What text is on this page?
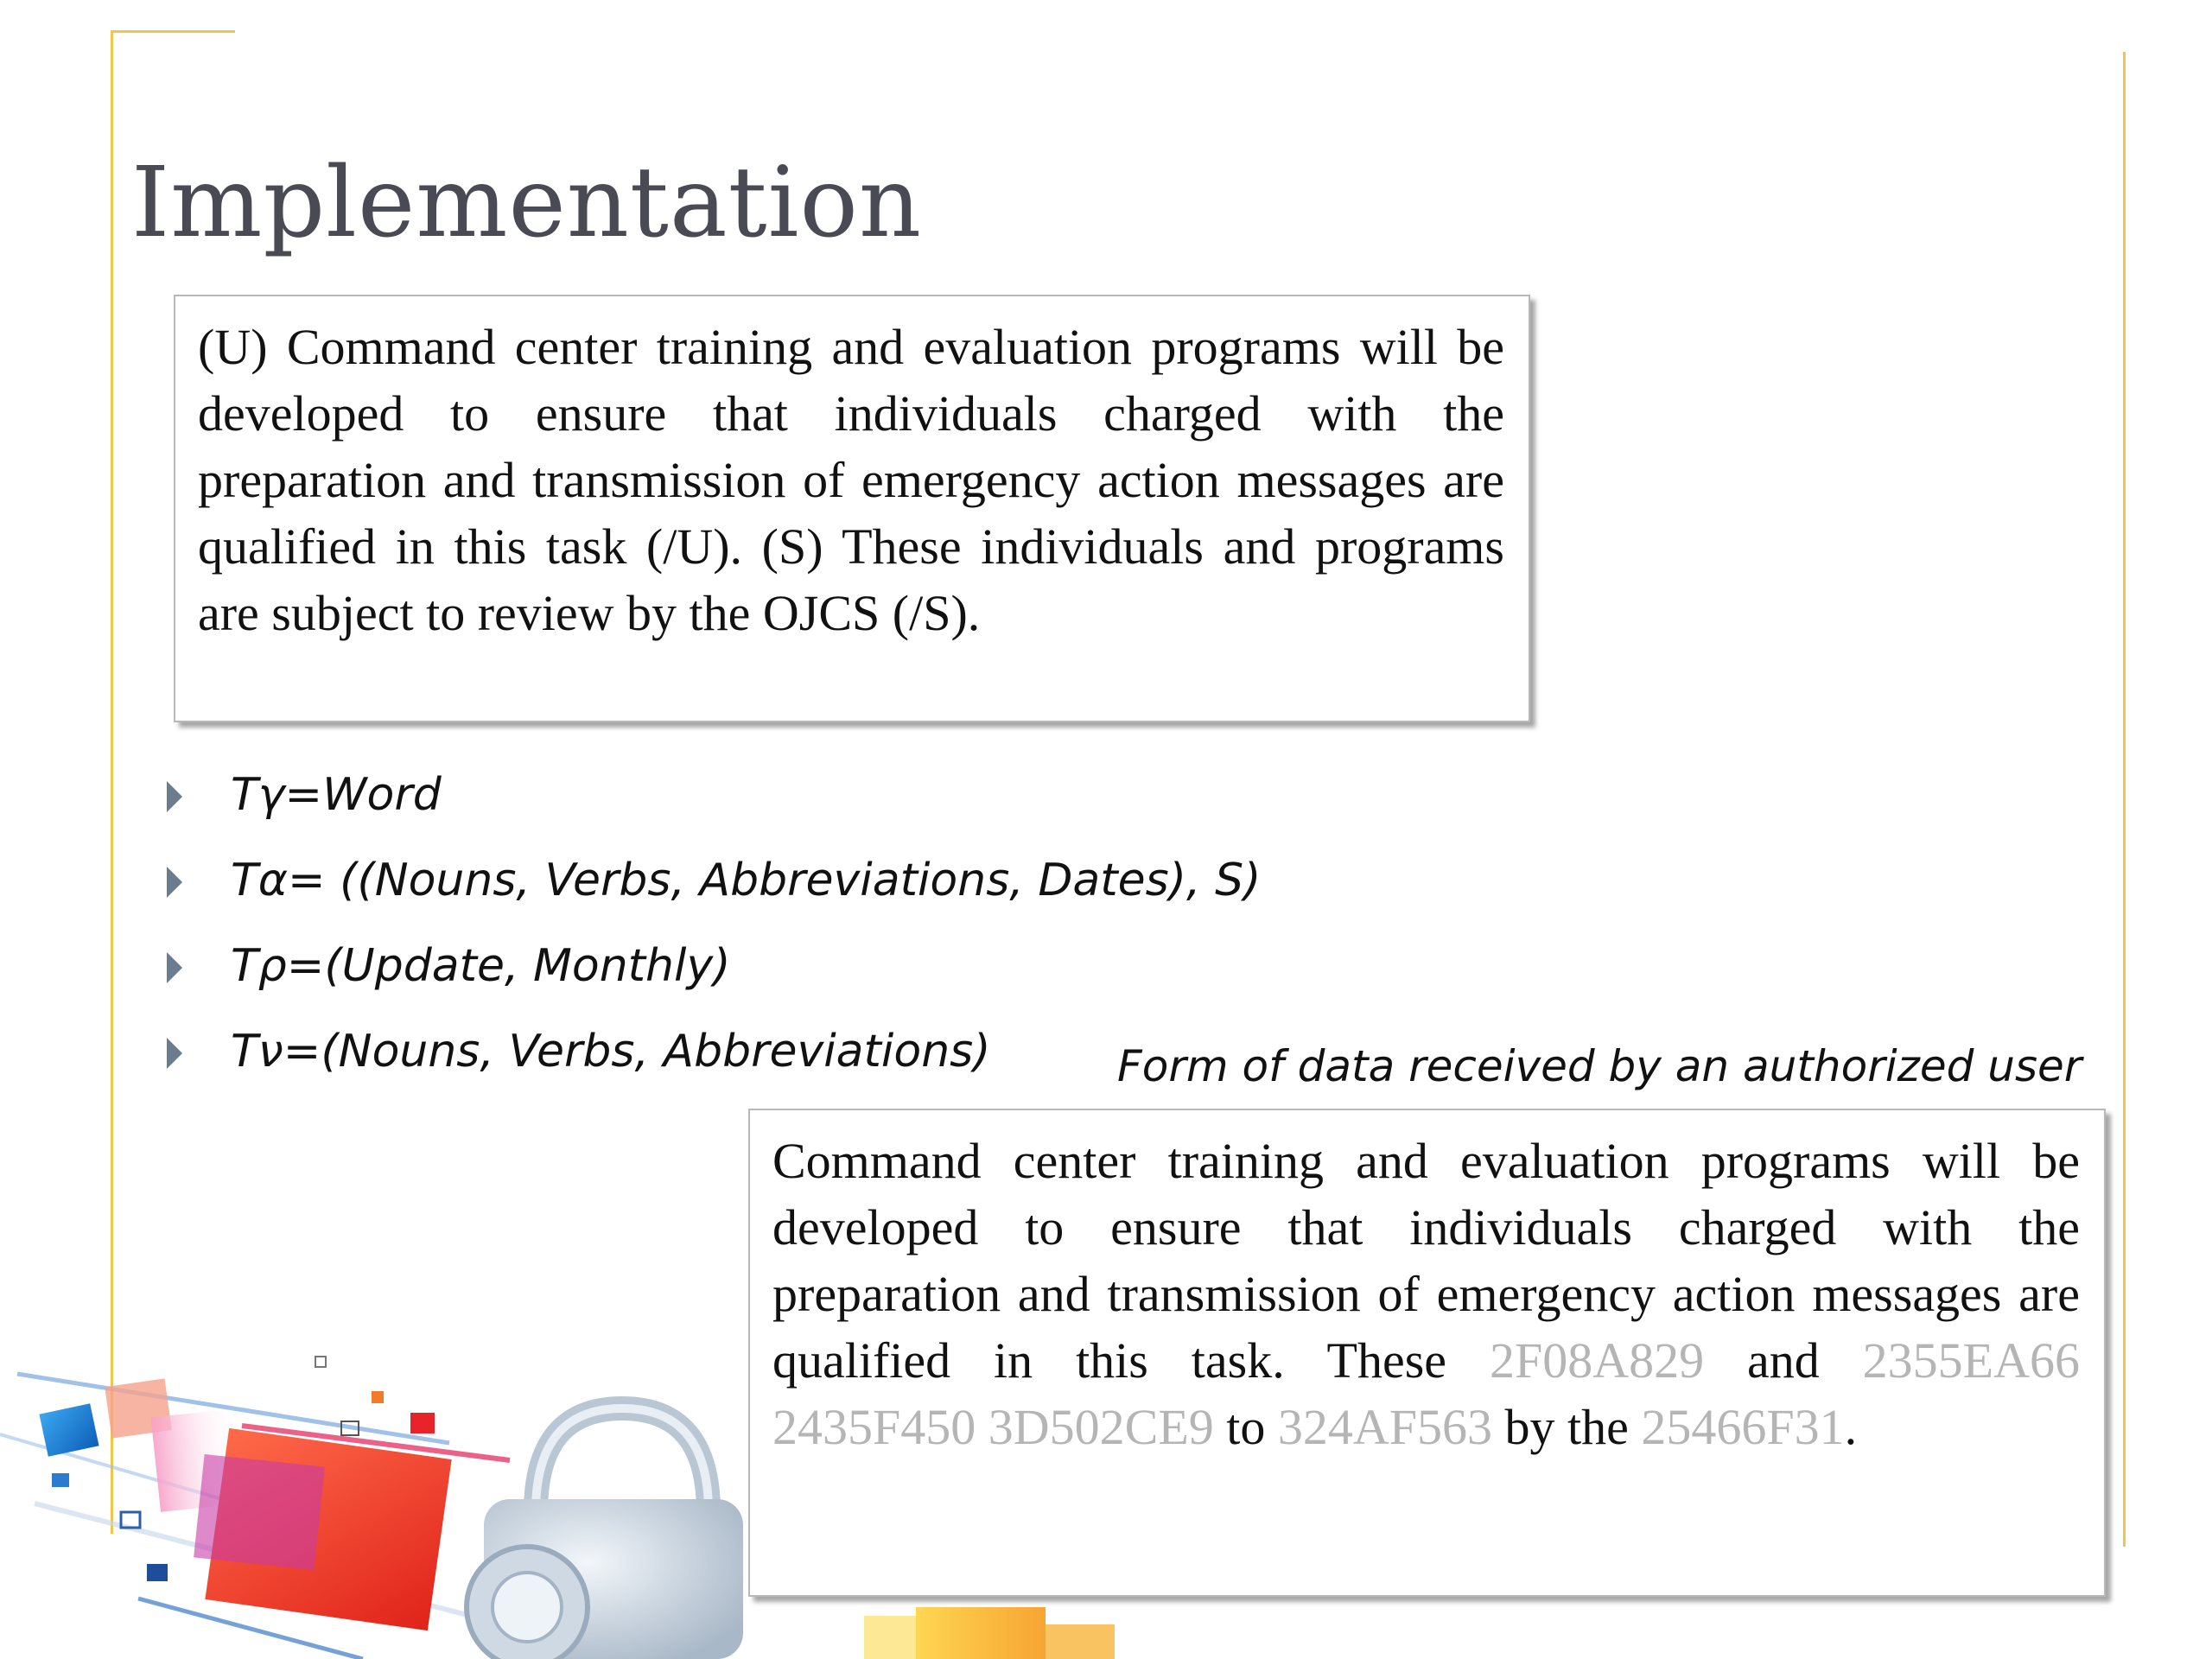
Implementation
(U) Command center training and evaluation programs will be developed to ensure that individuals charged with the preparation and transmission of emergency action messages are qualified in this task (/U). (S) These individuals and programs are subject to review by the OJCS (/S).
Tγ=Word
Tα= ((Nouns, Verbs, Abbreviations, Dates), S)
Tρ=(Update, Monthly)
Tν=(Nouns, Verbs, Abbreviations)	Form of data received by an authorized user
Command center training and evaluation programs will be developed to ensure that individuals charged with the preparation and transmission of emergency action messages are qualified in this task. These 2F08A829 and 2355EA66 2435F450 3D502CE9 to 324AF563 by the 25466F31.
